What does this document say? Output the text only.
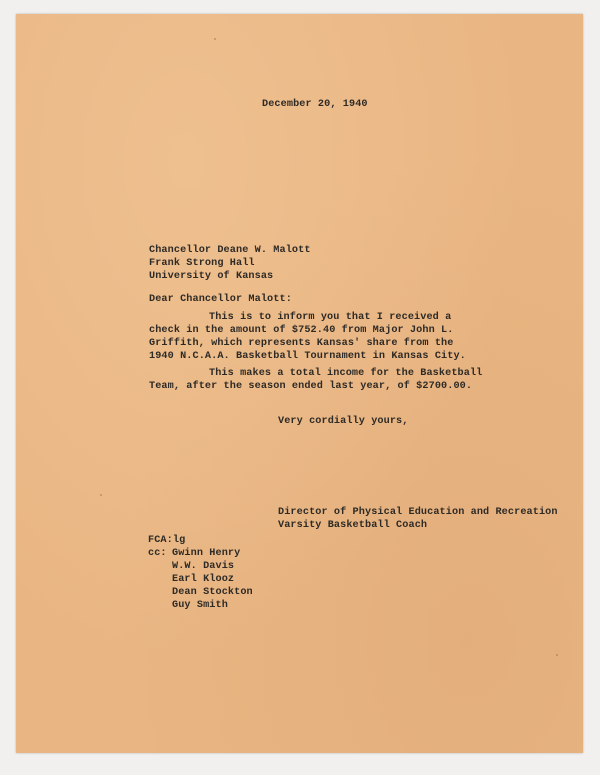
December 20, 1940
Chancellor Deane W. Malott
Frank Strong Hall
University of Kansas
Dear Chancellor Malott:
This is to inform you that I received a
check in the amount of $752.40 from Major John L.
Griffith, which represents Kansas' share from the
1940 N.C.A.A. Basketball Tournament in Kansas City.
This makes a total income for the Basketball
Team, after the season ended last year, of $2700.00.
Very cordially yours,
Director of Physical Education and Recreation
Varsity Basketball Coach
FCA:lg
cc: Gwinn Henry
W.W. Davis
Earl Klooz
Dean Stockton
Guy Smith
